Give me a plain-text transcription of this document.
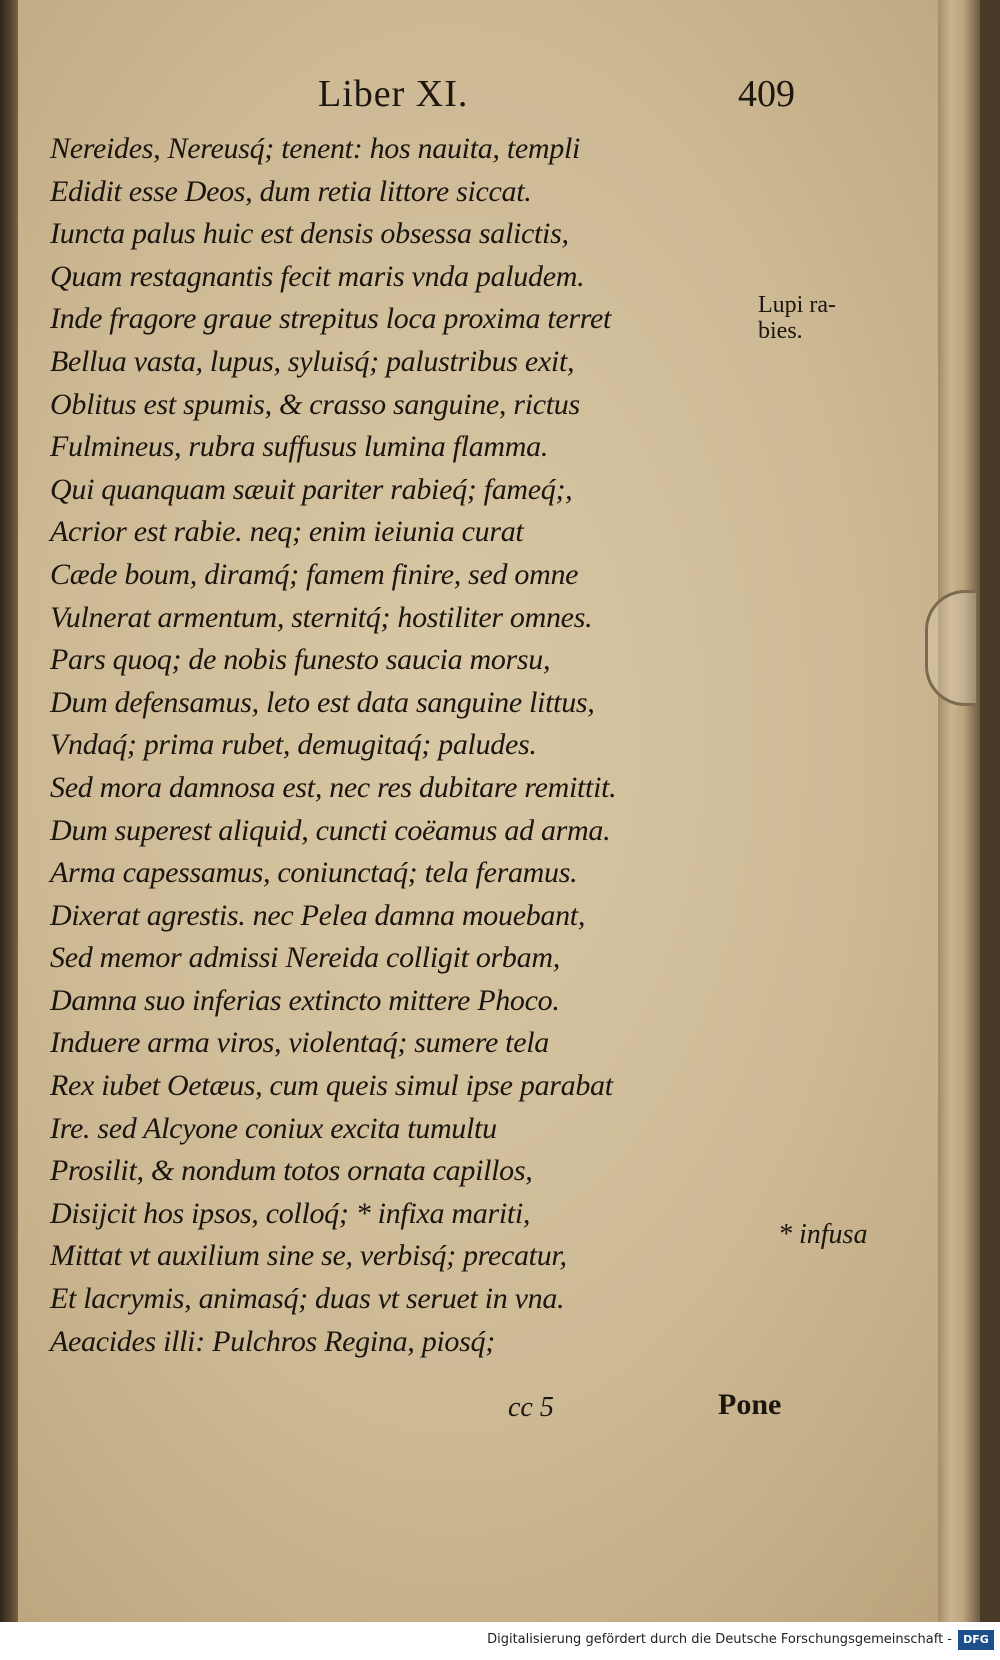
Liber XI.	409
Nereides, Nereusq́; tenent: hos nauita, templi
Edidit esse Deos, dum retia littore siccat.
Iuncta palus huic est densis obsessa salictis,
Quam restagnantis fecit maris vnda paludem.
Inde fragore graue strepitus loca proxima terret
Bellua vasta, lupus, syluisq́; palustribus exit,
Oblitus est spumis, & crasso sanguine, rictus
Fulmineus, rubra suffusus lumina flamma.
Qui quanquam sæuit pariter rabieq́; fameq́;,
Acrior est rabie. neq; enim ieiunia curat
Cæde boum, diramq́; famem finire, sed omne
Vulnerat armentum, sternitq́; hostiliter omnes.
Pars quoq; de nobis funesto saucia morsu,
Dum defensamus, leto est data sanguine littus,
Vndaq́; prima rubet, demugitaq́; paludes.
Sed mora damnosa est, nec res dubitare remittit.
Dum superest aliquid, cuncti coëamus ad arma.
Arma capessamus, coniunctaq́; tela feramus.
Dixerat agrestis. nec Pelea damna mouebant,
Sed memor admissi Nereida colligit orbam,
Damna suo inferias extincto mittere Phoco.
Induere arma viros, violentaq́; sumere tela
Rex iubet Oetæus, cum queis simul ipse parabat
Ire. sed Alcyone coniux excita tumultu
Prosilit, & nondum totos ornata capillos,
Disijcit hos ipsos, colloq́; * infixa mariti,
Mittat vt auxilium sine se, verbisq́; precatur,
Et lacrymis, animasq́; duas vt seruet in vna.
Aeacides illi: Pulchros Regina, piosq́;
Lupi ra-
bies.
* infusa
cc 5	Pone
Digitalisierung gefördert durch die Deutsche Forschungsgemeinschaft -	DFG
